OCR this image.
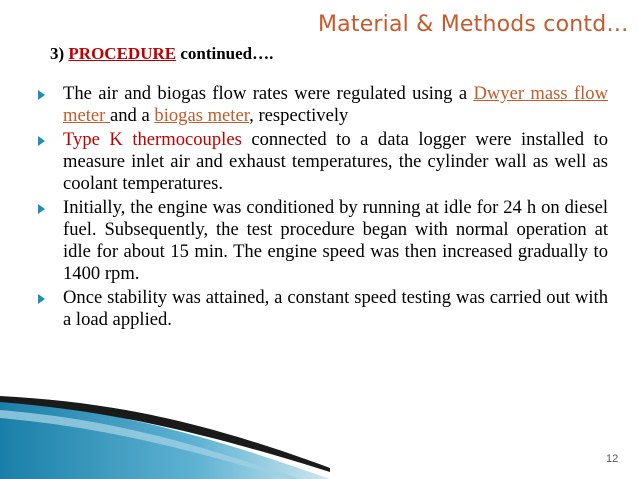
Material & Methods contd…
3) PROCEDURE continued….
The air and biogas flow rates were regulated using a Dwyer mass flow meter and a biogas meter, respectively
Type K thermocouples connected to a data logger were installed to measure inlet air and exhaust temperatures, the cylinder wall as well as coolant temperatures.
Initially, the engine was conditioned by running at idle for 24 h on diesel fuel. Subsequently, the test procedure began with normal operation at idle for about 15 min. The engine speed was then increased gradually to 1400 rpm.
Once stability was attained, a constant speed testing was carried out with a load applied.
12
